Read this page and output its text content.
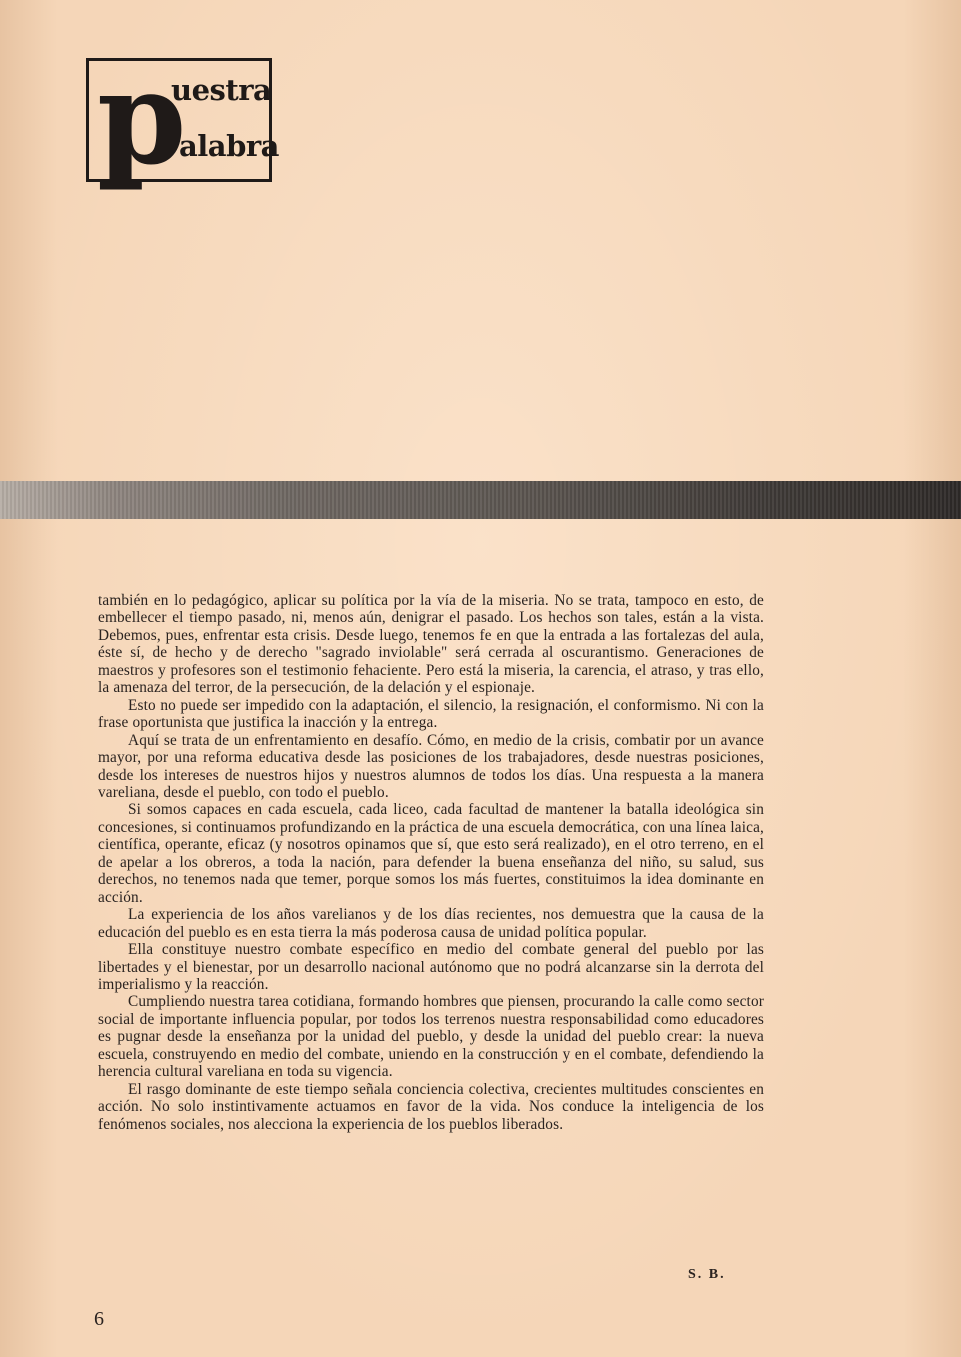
p
uestra
alabra

también en lo pedagógico, aplicar su política por la vía de la miseria. No se trata, tampoco en esto, de embellecer el tiempo pasado, ni, menos aún, denigrar el pasado. Los hechos son tales, están a la vista. Debemos, pues, enfrentar esta crisis. Desde luego, tenemos fe en que la entrada a las fortalezas del aula, éste sí, de hecho y de derecho "sagrado inviolable" será cerrada al oscurantismo. Generaciones de maestros y profesores son el testimonio fehaciente. Pero está la miseria, la carencia, el atraso, y tras ello, la amenaza del terror, de la persecución, de la delación y el espionaje.

Esto no puede ser impedido con la adaptación, el silencio, la resignación, el conformismo. Ni con la frase oportunista que justifica la inacción y la entrega.

Aquí se trata de un enfrentamiento en desafío. Cómo, en medio de la crisis, combatir por un avance mayor, por una reforma educativa desde las posiciones de los trabajadores, desde nuestras posiciones, desde los intereses de nuestros hijos y nuestros alumnos de todos los días. Una respuesta a la manera vareliana, desde el pueblo, con todo el pueblo.

Si somos capaces en cada escuela, cada liceo, cada facultad de mantener la batalla ideológica sin concesiones, si continuamos profundizando en la práctica de una escuela democrática, con una línea laica, científica, operante, eficaz (y nosotros opinamos que sí, que esto será realizado), en el otro terreno, en el de apelar a los obreros, a toda la nación, para defender la buena enseñanza del niño, su salud, sus derechos, no tenemos nada que temer, porque somos los más fuertes, constituimos la idea dominante en acción.

La experiencia de los años varelianos y de los días recientes, nos demuestra que la causa de la educación del pueblo es en esta tierra la más poderosa causa de unidad política popular.

Ella constituye nuestro combate específico en medio del combate general del pueblo por las libertades y el bienestar, por un desarrollo nacional autónomo que no podrá alcanzarse sin la derrota del imperialismo y la reacción.

Cumpliendo nuestra tarea cotidiana, formando hombres que piensen, procurando la calle como sector social de importante influencia popular, por todos los terrenos nuestra responsabilidad como educadores es pugnar desde la enseñanza por la unidad del pueblo, y desde la unidad del pueblo crear: la nueva escuela, construyendo en medio del combate, uniendo en la construcción y en el combate, defendiendo la herencia cultural vareliana en toda su vigencia.

El rasgo dominante de este tiempo señala conciencia colectiva, crecientes multitudes conscientes en acción. No solo instintivamente actuamos en favor de la vida. Nos conduce la inteligencia de los fenómenos sociales, nos alecciona la experiencia de los pueblos liberados.

S. B.
6
